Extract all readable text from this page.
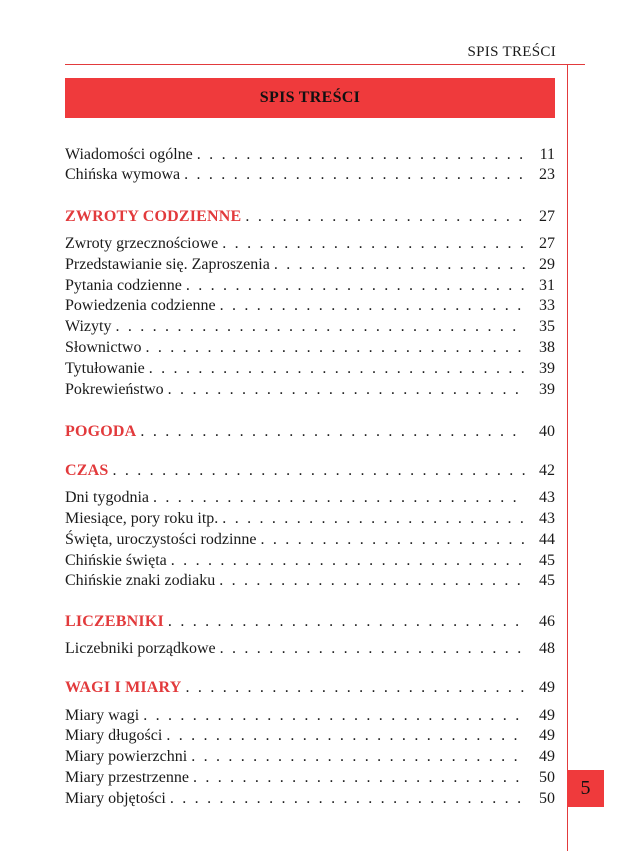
SPIS TREŚCI
SPIS TREŚCI
Wiadomości ogólne . . .	11
Chińska wymowa . . .	23
ZWROTY CODZIENNE . . .	27
Zwroty grzecznościowe . . .	27
Przedstawianie się. Zaproszenia . . .	29
Pytania codzienne . . .	31
Powiedzenia codzienne . . .	33
Wizyty . . .	35
Słownictwo . . .	38
Tytułowanie . . .	39
Pokrewieństwo . . .	39
POGODA . . .	40
CZAS . . .	42
Dni tygodnia . . .	43
Miesiące, pory roku itp. . . .	43
Święta, uroczystości rodzinne . . .	44
Chińskie święta . . .	45
Chińskie znaki zodiaku . . .	45
LICZEBNIKI . . .	46
Liczebniki porządkowe . . .	48
WAGI I MIARY . . .	49
Miary wagi . . .	49
Miary długości . . .	49
Miary powierzchni . . .	49
Miary przestrzenne . . .	50
Miary objętości . . .	50 5
